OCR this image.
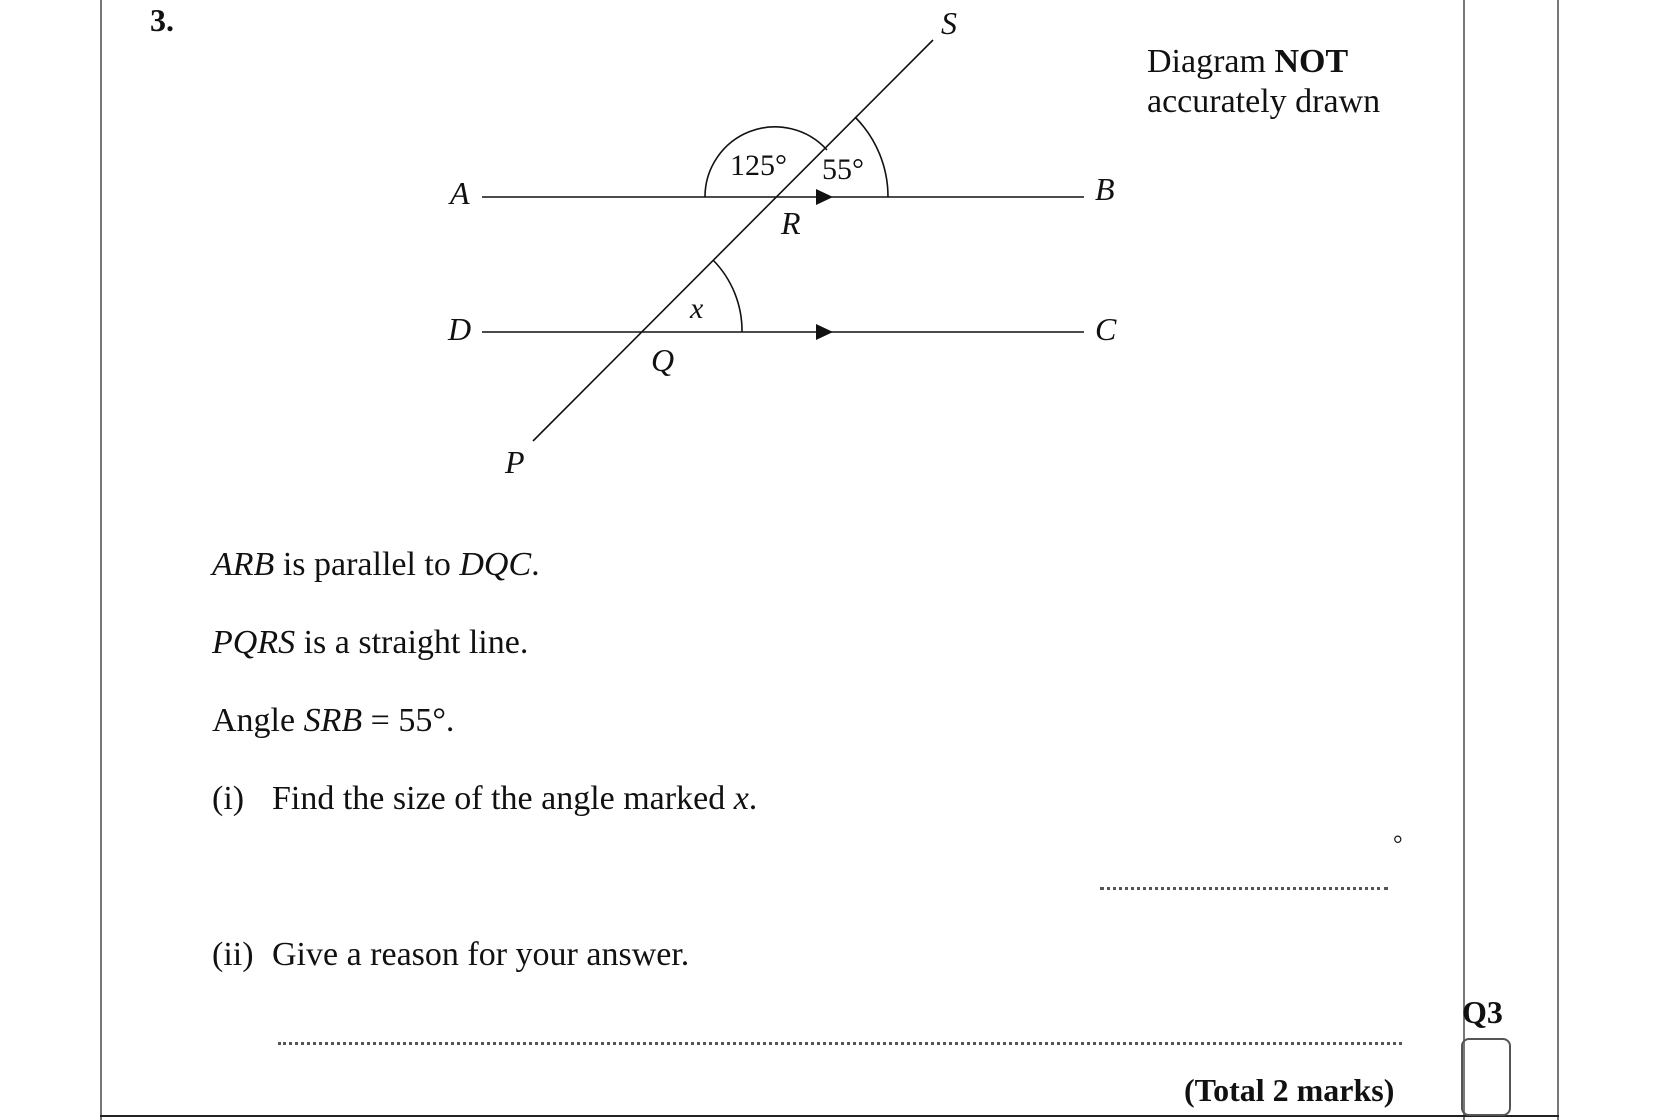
3.
Diagram NOT
accurately drawn
A	B
D	C
P
Q
R
S
125° 55°
x
ARB is parallel to DQC.
PQRS is a straight line.
Angle SRB = 55°.
(i) Find the size of the angle marked x.
°
(ii) Give a reason for your answer.
Q3
(Total 2 marks)
